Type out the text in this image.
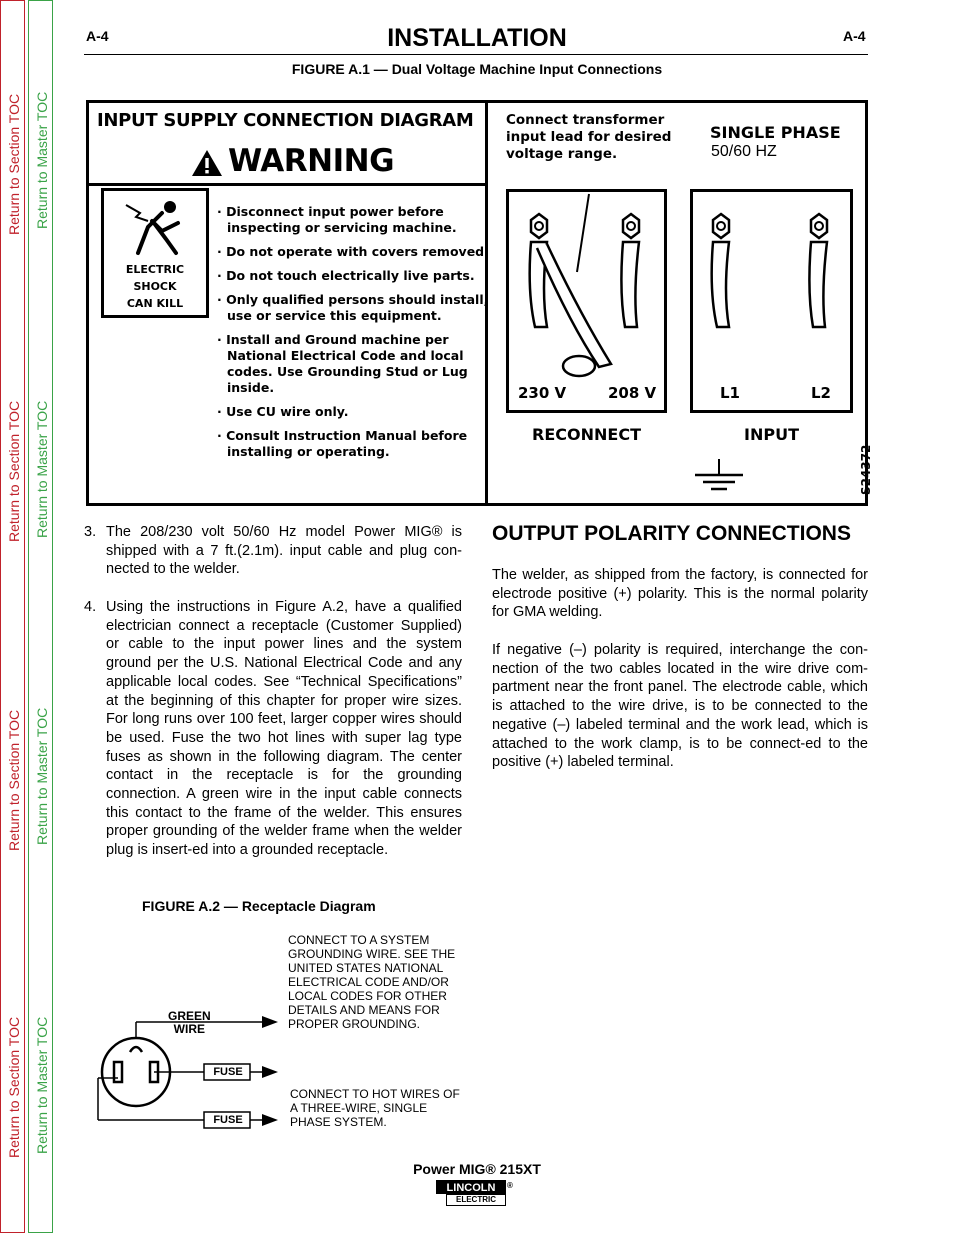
Return to Section TOC
Return to Section TOC
Return to Section TOC
Return to Section TOC
Return to Master TOC
Return to Master TOC
Return to Master TOC
Return to Master TOC
A-4	INSTALLATION	A-4
FIGURE A.1 — Dual Voltage Machine Input Connections
INPUT SUPPLY CONNECTION DIAGRAM
WARNING
ELECTRIC
SHOCK
CAN KILL
· Disconnect input power before inspecting or servicing machine.
· Do not operate with covers removed.
· Do not touch electrically live parts.
· Only qualified persons should install, use or service this equipment.
· Install and Ground machine per National Electrical Code and local codes. Use Grounding Stud or Lug inside.
· Use CU wire only.
· Consult Instruction Manual before installing or operating.
Connect transformer input lead for desired voltage range.
SINGLE PHASE
50/60 HZ
230 V	208 V
RECONNECT
L1	L2
INPUT
S24372
3. The 208/230 volt 50/60 Hz model Power MIG® is shipped with a 7 ft.(2.1m). input cable and plug con-nected to the welder.
4. Using the instructions in Figure A.2, have a qualified electrician connect a receptacle (Customer Supplied) or cable to the input power lines and the system ground per the U.S. National Electrical Code and any applicable local codes. See “Technical Specifications” at the beginning of this chapter for proper wire sizes. For long runs over 100 feet, larger copper wires should be used. Fuse the two hot lines with super lag type fuses as shown in the following diagram. The center contact in the receptacle is for the grounding connection. A green wire in the input cable connects this contact to the frame of the welder. This ensures proper grounding of the welder frame when the welder plug is insert-ed into a grounded receptacle.
FIGURE A.2 — Receptacle Diagram
GREEN
WIRE
FUSE
FUSE
CONNECT TO A SYSTEM GROUNDING WIRE. SEE THE UNITED STATES NATIONAL ELECTRICAL CODE AND/OR LOCAL CODES FOR OTHER DETAILS AND MEANS FOR PROPER GROUNDING.
CONNECT TO HOT WIRES OF A THREE-WIRE, SINGLE PHASE SYSTEM.
OUTPUT POLARITY CONNECTIONS
The welder, as shipped from the factory, is connected for electrode positive (+) polarity. This is the normal polarity for GMA welding.
If negative (–) polarity is required, interchange the con-nection of the two cables located in the wire drive com-partment near the front panel. The electrode cable, which is attached to the wire drive, is to be connected to the negative (–) labeled terminal and the work lead, which is attached to the work clamp, is to be connect-ed to the positive (+) labeled terminal.
Power MIG® 215XT
LINCOLN
ELECTRIC
®
